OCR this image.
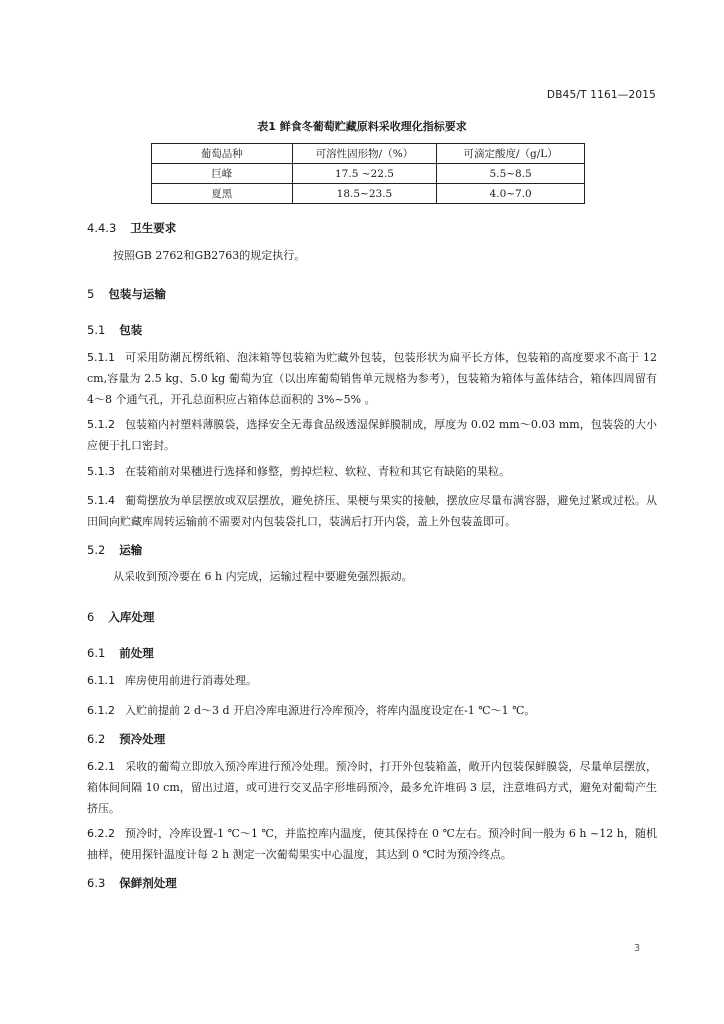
DB45/T 1161—2015
表1 鲜食冬葡萄贮藏原料采收理化指标要求
葡萄品种	可溶性固形物/（%）	可滴定酸度/（g/L）
巨峰	17.5 ~22.5	5.5~8.5
夏黑	18.5~23.5	4.0~7.0
4.4.3 卫生要求
按照GB 2762和GB2763的规定执行。
5 包装与运输
5.1 包装
5.1.1 可采用防潮瓦楞纸箱、泡沫箱等包装箱为贮藏外包装，包装形状为扁平长方体，包装箱的高度要求不高于 12 cm,容量为 2.5 kg、5.0 kg 葡萄为宜（以出库葡萄销售单元规格为参考），包装箱为箱体与盖体结合，箱体四周留有 4～8 个通气孔，开孔总面积应占箱体总面积的 3%~5% 。
5.1.2 包装箱内衬塑料薄膜袋，选择安全无毒食品级透湿保鲜膜制成，厚度为 0.02 mm～0.03 mm，包装袋的大小应便于扎口密封。
5.1.3 在装箱前对果穗进行选择和修整，剪掉烂粒、软粒、青粒和其它有缺陷的果粒。
5.1.4 葡萄摆放为单层摆放或双层摆放，避免挤压、果梗与果实的接触，摆放应尽量布满容器，避免过紧或过松。从田间向贮藏库周转运输前不需要对内包装袋扎口，装满后打开内袋，盖上外包装盖即可。
5.2 运输
从采收到预冷要在 6 h 内完成，运输过程中要避免强烈振动。
6 入库处理
6.1 前处理
6.1.1 库房使用前进行消毒处理。
6.1.2 入贮前提前 2 d～3 d 开启冷库电源进行冷库预冷，将库内温度设定在-1 ℃～1 ℃。
6.2 预冷处理
6.2.1 采收的葡萄立即放入预冷库进行预冷处理。预冷时，打开外包装箱盖，敞开内包装保鲜膜袋，尽量单层摆放，箱体间间隔 10 cm，留出过道，或可进行交叉品字形堆码预冷，最多允许堆码 3 层，注意堆码方式，避免对葡萄产生挤压。
6.2.2 预冷时，冷库设置-1 ℃～1 ℃，并监控库内温度，使其保持在 0 ℃左右。预冷时间一般为 6 h ~12 h，随机抽样，使用探针温度计每 2 h 测定一次葡萄果实中心温度，其达到 0 ℃时为预冷终点。
6.3 保鲜剂处理
3
